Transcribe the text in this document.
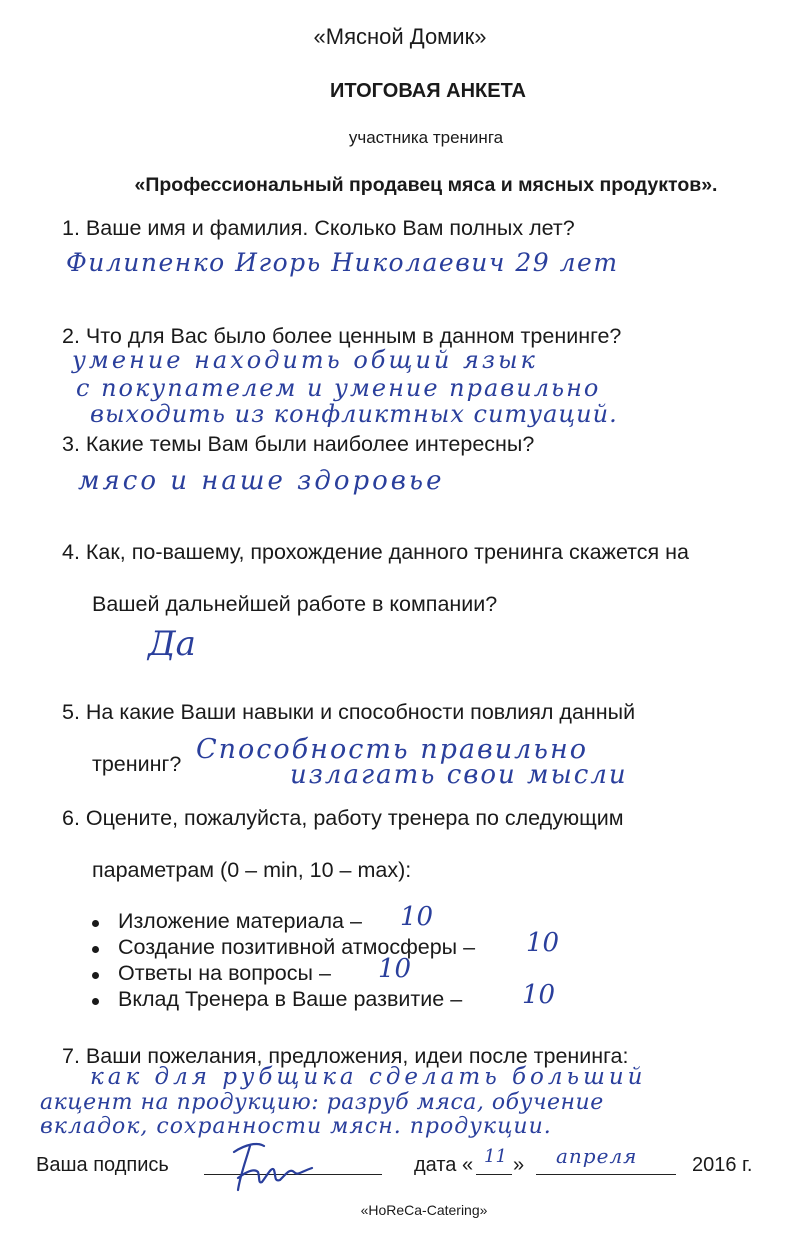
«Мясной Домик»
ИТОГОВАЯ АНКЕТА
участника тренинга
«Профессиональный продавец мяса и мясных продуктов».
1. Ваше имя и фамилия. Сколько Вам полных лет?
Филипенко Игорь Николаевич 29 лет
2. Что для Вас было более ценным в данном тренинге?
умение находить общий язык
с покупателем и умение правильно
выходить из конфликтных ситуаций.
3. Какие темы Вам были наиболее интересны?
мясо и наше здоровье
4. Как, по-вашему, прохождение данного тренинга скажется на
Вашей дальнейшей работе в компании?
Да
5. На какие Ваши навыки и способности повлиял данный
тренинг? Способность правильно
излагать свои мысли
6. Оцените, пожалуйста, работу тренера по следующим
параметрам (0 – min, 10 – max):
Изложение материала – 10
Создание позитивной атмосферы – 10
Ответы на вопросы – 10
Вклад Тренера в Ваше развитие – 10
7. Ваши пожелания, предложения, идеи после тренинга:
как для рубщика сделать больший
акцент на продукцию: разруб мяса, обучение
вкладок, сохранности мясн. продукции.
Ваша подпись	дата « 11 » апреля	2016 г.
«HoReCa-Catering»
